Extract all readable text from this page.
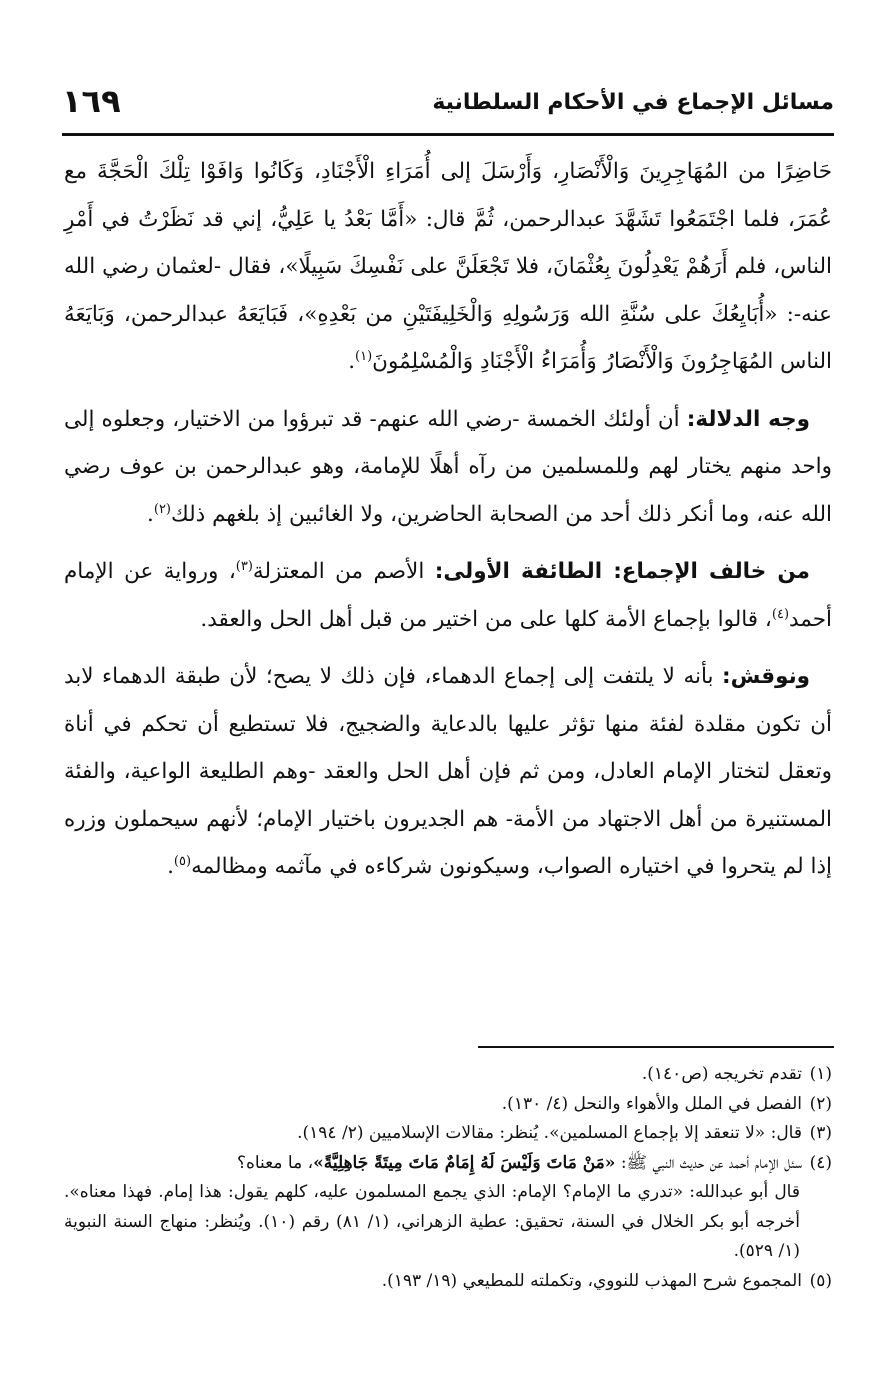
مسائل الإجماع في الأحكام السلطانية
١٦٩

حَاضِرًا من المُهَاجِرِينَ وَالْأَنْصَارِ، وَأَرْسَلَ إلى أُمَرَاءِ الْأَجْنَادِ، وَكَانُوا وَافَوْا تِلْكَ الْحَجَّةَ مع عُمَرَ، فلما اجْتَمَعُوا تَشَهَّدَ عبدالرحمن، ثُمَّ قال: «أَمَّا بَعْدُ يا عَلِيُّ، إني قد نَظَرْتُ في أَمْرِ الناس، فلم أَرَهُمْ يَعْدِلُونَ بِعُثْمَانَ، فلا تَجْعَلَنَّ على نَفْسِكَ سَبِيلًا»، فقال -لعثمان رضي الله عنه-: «أُبَايِعُكَ على سُنَّةِ الله وَرَسُولِهِ وَالْخَلِيفَتَيْنِ من بَعْدِهِ»، فَبَايَعَهُ عبدالرحمن، وَبَايَعَهُ الناس المُهَاجِرُونَ وَالْأَنْصَارُ وَأُمَرَاءُ الْأَجْنَادِ وَالْمُسْلِمُونَ$^{(١)}$.

وجه الدلالة: أن أولئك الخمسة -رضي الله عنهم- قد تبرؤوا من الاختيار، وجعلوه إلى واحد منهم يختار لهم وللمسلمين من رآه أهلًا للإمامة، وهو عبدالرحمن بن عوف رضي الله عنه، وما أنكر ذلك أحد من الصحابة الحاضرين، ولا الغائبين إذ بلغهم ذلك$^{(٢)}$.

من خالف الإجماع: الطائفة الأولى: الأصم من المعتزلة$^{(٣)}$، ورواية عن الإمام أحمد$^{(٤)}$، قالوا بإجماع الأمة كلها على من اختير من قبل أهل الحل والعقد.

ونوقش: بأنه لا يلتفت إلى إجماع الدهماء، فإن ذلك لا يصح؛ لأن طبقة الدهماء لابد أن تكون مقلدة لفئة منها تؤثر عليها بالدعاية والضجيج، فلا تستطيع أن تحكم في أناة وتعقل لتختار الإمام العادل، ومن ثم فإن أهل الحل والعقد -وهم الطليعة الواعية، والفئة المستنيرة من أهل الاجتهاد من الأمة- هم الجديرون باختيار الإمام؛ لأنهم سيحملون وزره إذا لم يتحروا في اختياره الصواب، وسيكونون شركاءه في مآثمه ومظالمه$^{(٥)}$.

(١)تقدم تخريجه (ص١٤٠).

(٢)الفصل في الملل والأهواء والنحل (٤/ ١٣٠).

(٣)قال: «لا تنعقد إلا بإجماع المسلمين». يُنظر: مقالات الإسلاميين (٢/ ١٩٤).

(٤)سئل الإمام أحمد عن حديث النبي ﷺ: «مَنْ مَاتَ وَلَيْسَ لَهُ إِمَامٌ مَاتَ مِيتَةً جَاهِلِيَّةً»، ما معناه؟

قال أبو عبدالله: «تدري ما الإمام؟ الإمام: الذي يجمع المسلمون عليه، كلهم يقول: هذا إمام. فهذا معناه». أخرجه أبو بكر الخلال في السنة، تحقيق: عطية الزهراني، (١/ ٨١) رقم (١٠). ويُنظر: منهاج السنة النبوية (١/ ٥٢٩).

(٥)المجموع شرح المهذب للنووي، وتكملته للمطيعي (١٩/ ١٩٣).
